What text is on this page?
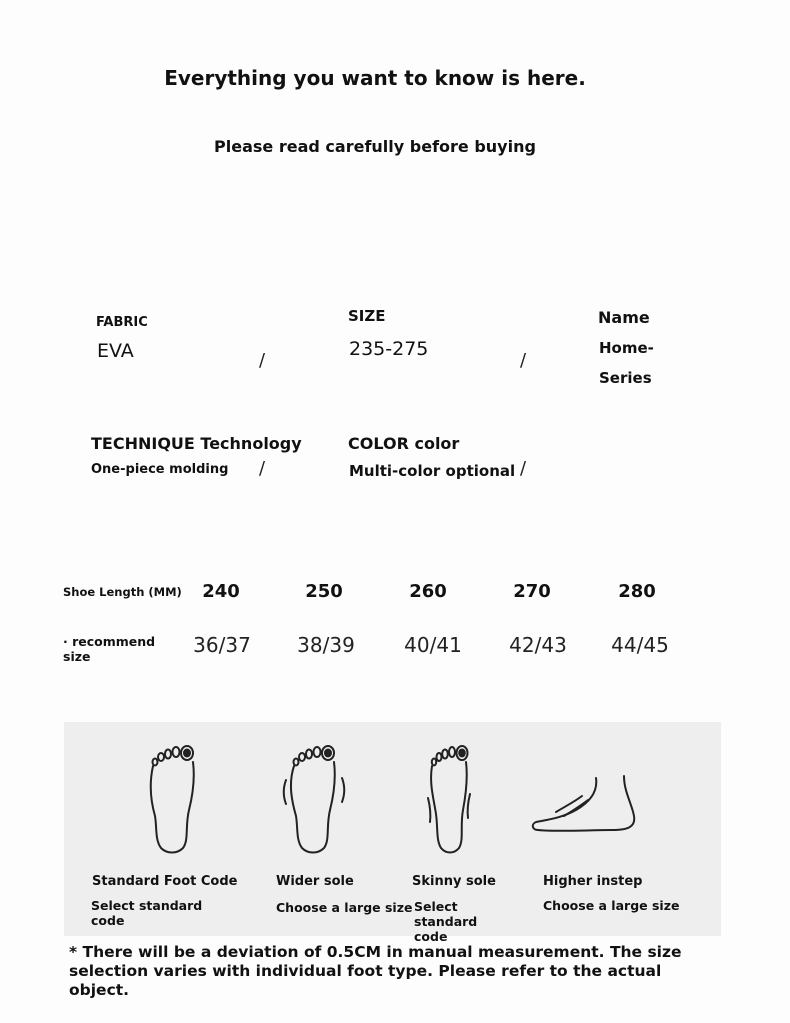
Everything you want to know is here.
Please read carefully before buying
FABRIC
EVA	/
SIZE
235-275
/
Name
Home-
Series
TECHNIQUE Technology
One-piece molding /
COLOR color
Multi-color optional /
Shoe Length (MM)	240	250	260	270	280
· recommend
size	36/37	38/39	40/41	42/43	44/45
Standard Foot Code
Select standard code
Wider sole
Choose a large size
Skinny sole
Select standard code
Higher instep
Choose a large size
* There will be a deviation of 0.5CM in manual measurement. The size selection varies with individual foot type. Please refer to the actual object.
